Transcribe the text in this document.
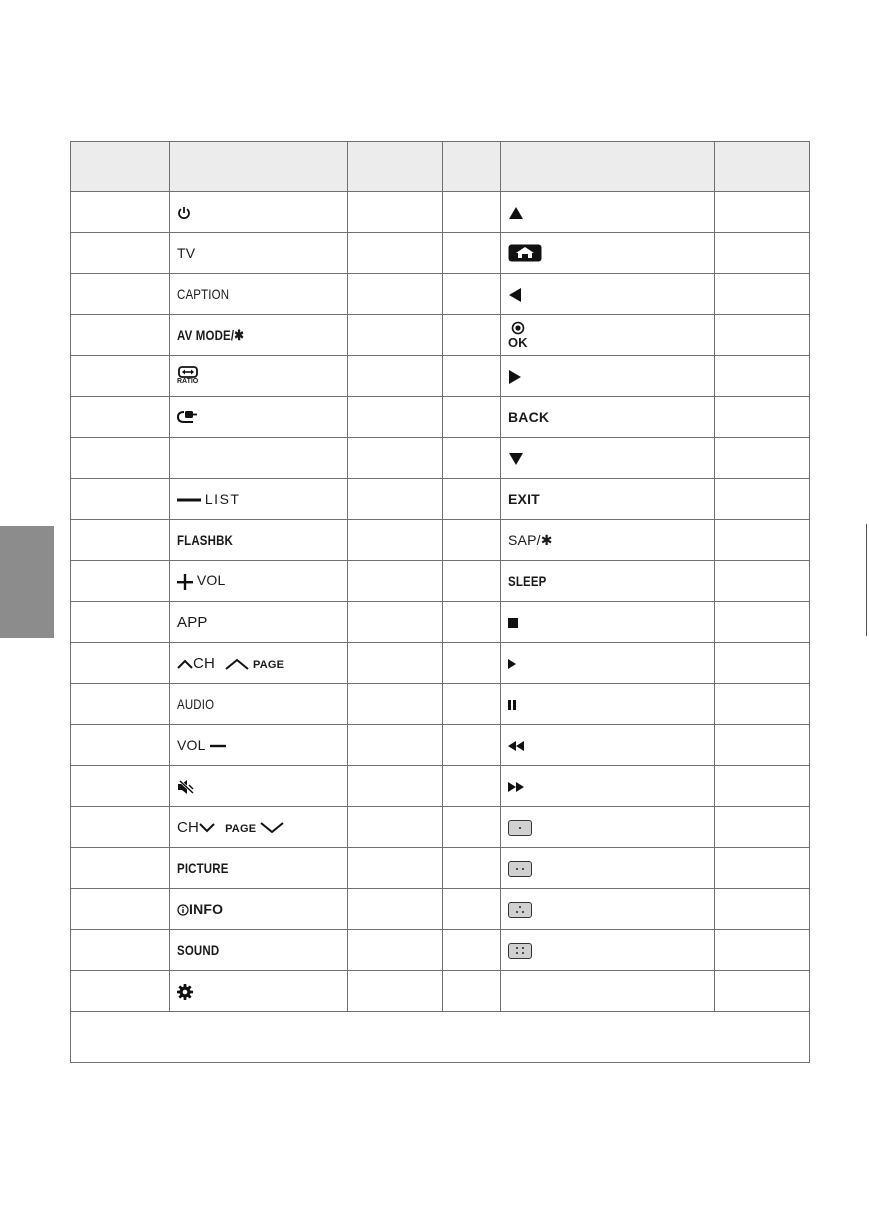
	TV				
	CAPTION				
	AV MODE/✱			OK	

	RATIO

				BACK	

	LIST			EXIT	
	FLASHBK			SAP/✱	
	VOL			SLEEP	
	APP				
	CH PAGE				
	AUDIO				
	VOL				

	CH PAGE			

	PICTURE			

	INFO			

	SOUND			
